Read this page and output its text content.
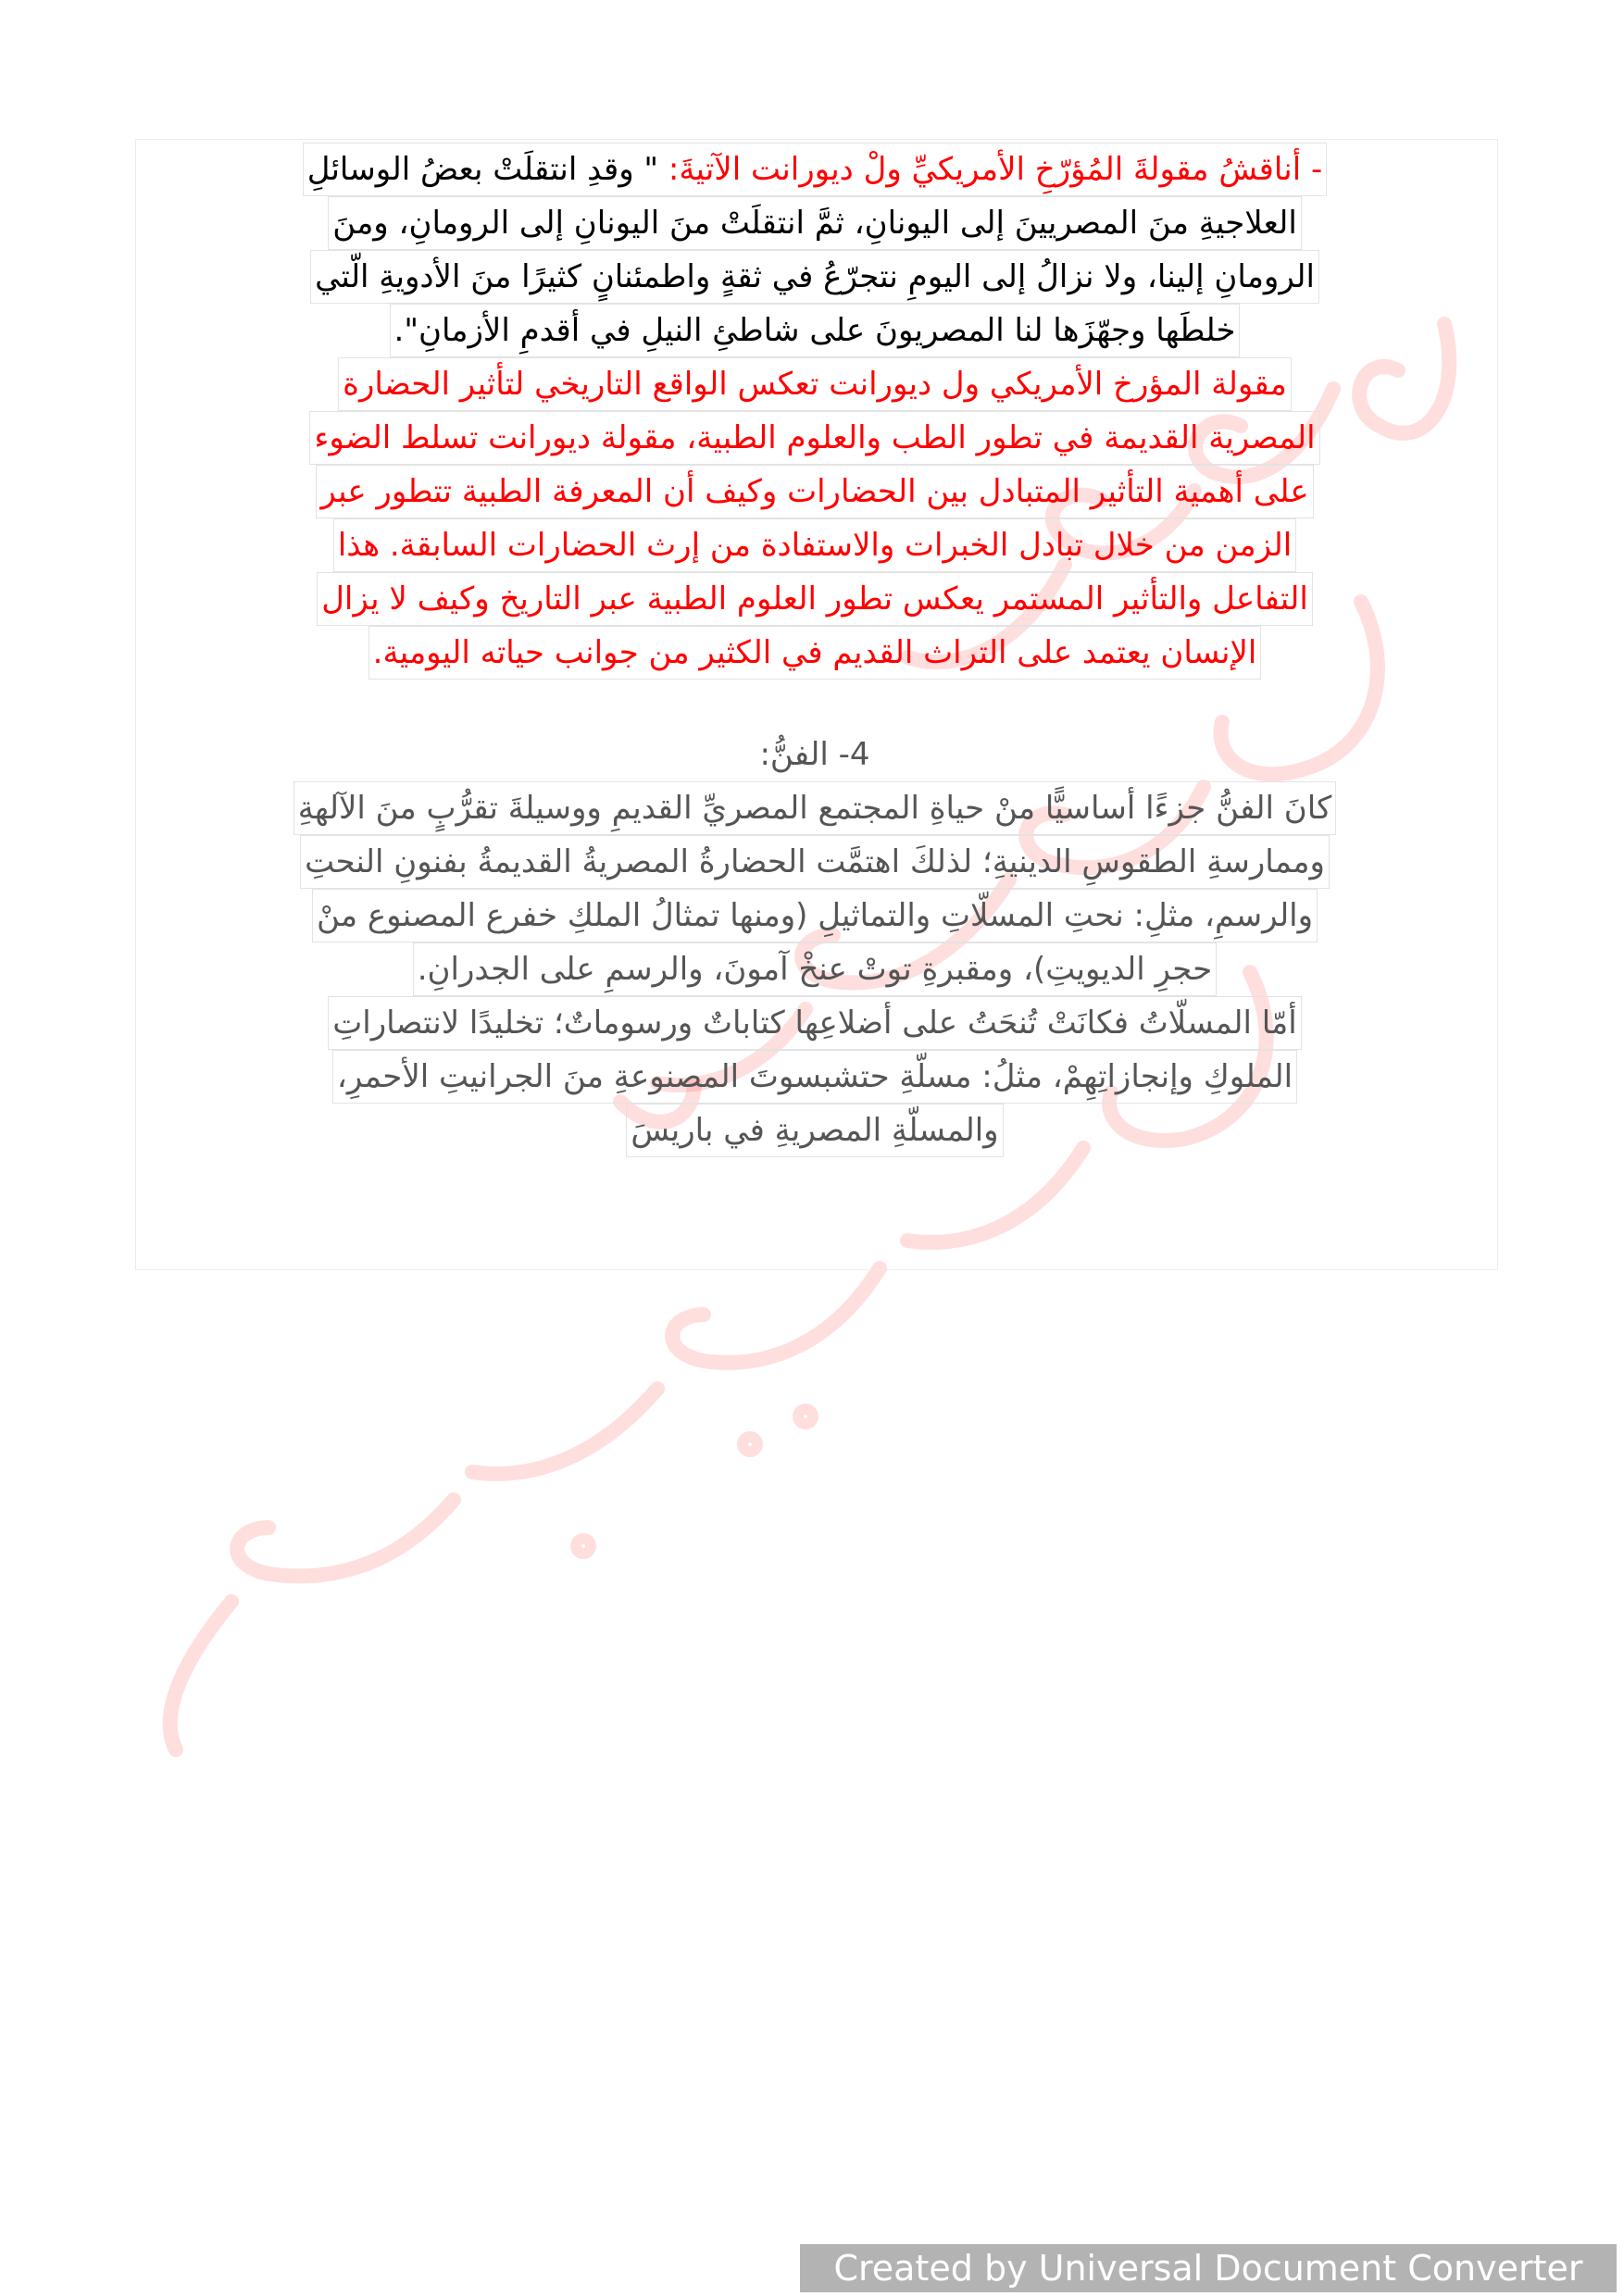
- أناقشُ مقولةَ المُؤرّخِ الأمريكيِّ ولْ ديورانت الآتيةَ: " وقدِ انتقلَتْ بعضُ الوسائلِ
العلاجيةِ منَ المصريينَ إلى اليونانِ، ثمَّ انتقلَتْ منَ اليونانِ إلى الرومانِ، ومنَ
الرومانِ إلينا، ولا نزالُ إلى اليومِ نتجرّعُ في ثقةٍ واطمئنانٍ كثيرًا منَ الأدويةِ الّتي
خلطَها وجهّزَها لنا المصريونَ على شاطئِ النيلِ في أقدمِ الأزمانِ".
مقولة المؤرخ الأمريكي ول ديورانت تعكس الواقع التاريخي لتأثير الحضارة
المصرية القديمة في تطور الطب والعلوم الطبية، مقولة ديورانت تسلط الضوء
على أهمية التأثير المتبادل بين الحضارات وكيف أن المعرفة الطبية تتطور عبر
الزمن من خلال تبادل الخبرات والاستفادة من إرث الحضارات السابقة. هذا
التفاعل والتأثير المستمر يعكس تطور العلوم الطبية عبر التاريخ وكيف لا يزال
الإنسان يعتمد على التراث القديم في الكثير من جوانب حياته اليومية.
4- الفنُّ:
كانَ الفنُّ جزءًا أساسيًّا منْ حياةِ المجتمع المصريِّ القديمِ ووسيلةَ تقرُّبٍ منَ الآلهةِ
وممارسةِ الطقوسِ الدينيةِ؛ لذلكَ اهتمَّت الحضارةُ المصريةُ القديمةُ بفنونِ النحتِ
والرسمِ، مثلِ: نحتِ المسلّاتِ والتماثيلِ (ومنها تمثالُ الملكِ خفرع المصنوع منْ
حجرِ الديويتِ)، ومقبرةِ توتْ عنخْ آمونَ، والرسمِ على الجدرانِ.
أمّا المسلّاتُ فكانَتْ تُنحَتُ على أضلاعِها كتاباتٌ ورسوماتٌ؛ تخليدًا لانتصاراتِ
الملوكِ وإنجازاتِهِمْ، مثلُ: مسلّةِ حتشبسوتَ المصنوعةِ منَ الجرانيتِ الأحمرِ،
والمسلّةِ المصريةِ في باريسَ
Created by Universal Document Converter
